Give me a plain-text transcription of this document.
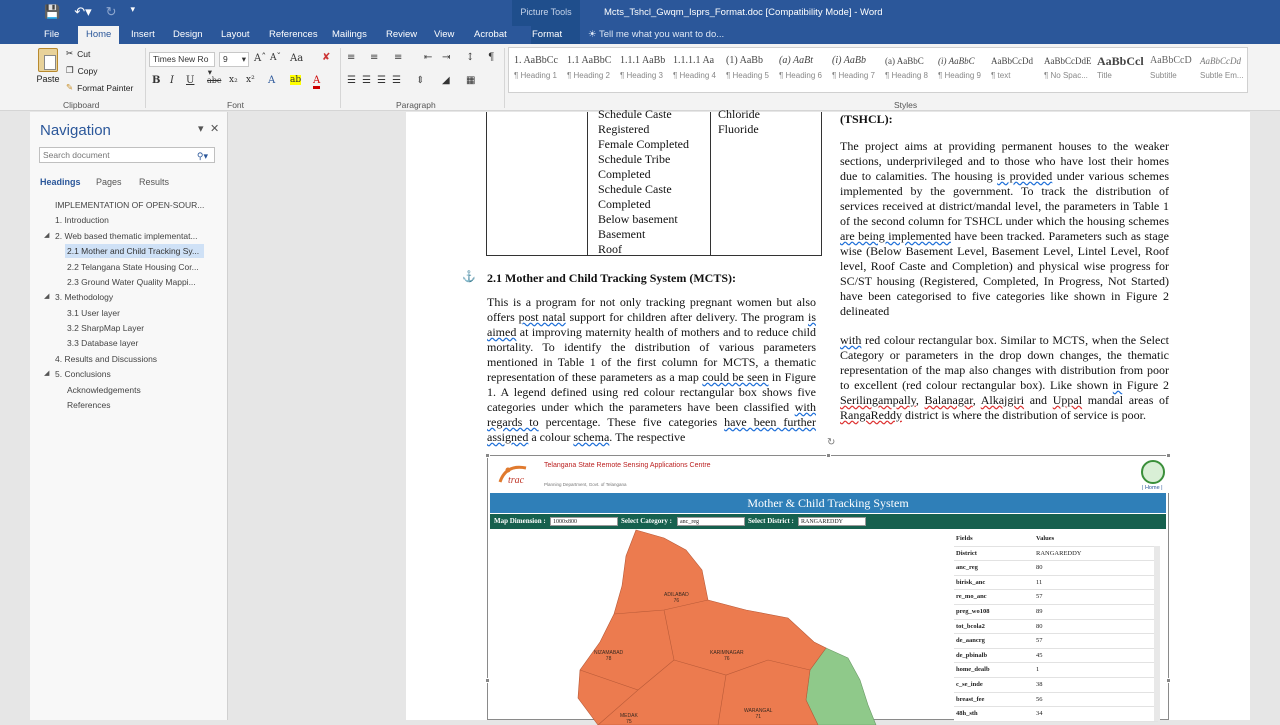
💾 ↶▾ ↻ ▾	Picture Tools	Mcts_Tshcl_Gwqm_Isprs_Format.doc [Compatibility Mode] - Word
File	Home	Insert Design Layout References Mailings Review View Acrobat	Format	☀ Tell me what you want to do...
Paste
✂ Cut
❐ Copy
✎ Format Painter
Clipboard
Times New Ro
▾
9 ▾ Aˆ Aˇ Aa ✘
B I U abc x₂ x² A ab A
Font
≡ ≡ ≡ ⇤ ⇥ ↕ ¶
☰ ☰ ☰ ☰ ⇕ ◢ ▦
Paragraph
1. AaBbCc
¶ Heading 1
1.1 AaBbC
¶ Heading 2
1.1.1 AaBb
¶ Heading 3
1.1.1.1 Aa
¶ Heading 4
(1) AaBb
¶ Heading 5
(a) AaBt
¶ Heading 6
(i) AaBb
¶ Heading 7
(a) AaBbC
¶ Heading 8
(i) AaBbC
¶ Heading 9
AaBbCcDd
¶ text
AaBbCcDdE
¶ No Spac...
AaBbCcl
Title
AaBbCcD
Subtitle
AaBbCcDd
Subtle Em...
Styles
Navigation	▾ ✕
Search document	⚲▾
Headings Pages Results
IMPLEMENTATION OF OPEN-SOUR...
1. Introduction
◢ 2. Web based thematic implementat...
2.1 Mother and Child Tracking Sy...
2.2 Telangana State Housing Cor...
2.3 Ground Water Quality Mappi...
◢ 3. Methodology
3.1 User layer
3.2 SharpMap Layer
3.3 Database layer
4. Results and Discussions
◢ 5. Conclusions
Acknowledgements
References
Schedule Caste
Registered
Female Completed
Schedule Tribe
Completed
Schedule Caste
Completed
Below basement
Basement
Roof
Chloride
Fluoride
⚓ 2.1 Mother and Child Tracking System (MCTS):
This is a program for not only tracking pregnant women but also offers post natal support for children after delivery. The program is aimed at improving maternity health of mothers and to reduce child mortality. To identify the distribution of various parameters mentioned in Table 1 of the first column for MCTS, a thematic representation of these parameters as a map could be seen in Figure 1. A legend defined using red colour rectangular box shows five categories under which the parameters have been classified with regards to percentage. These five categories have been further assigned a colour schema. The respective
(TSHCL):
The project aims at providing permanent houses to the weaker sections, underprivileged and to those who have lost their homes due to calamities. The housing is provided under various schemes implemented by the government. To track the distribution of services received at district/mandal level, the parameters in Table 1 of the second column for TSHCL under which the housing schemes are being implemented have been tracked. Parameters such as stage wise (Below Basement Level, Basement Level, Lintel Level, Roof level, Roof Caste and Completion) and physical wise progress for SC/ST housing (Registered, Completed, In Progress, Not Started) have been categorised to five categories like shown in Figure 2 delineated
with red colour rectangular box. Similar to MCTS, when the Select Category or parameters in the drop down changes, the thematic representation of the map also changes with distribution from poor to excellent (red colour rectangular box). Like shown in Figure 2 Serilingampally, Balanagar, Alkajgiri and Uppal mandal areas of RangaReddy district is where the distribution of service is poor.
trac
Telangana State Remote Sensing Applications Centre
Planning Department, Govt. of Telangana
| Home |
Mother & Child Tracking System
Map Dimension :	1000x800	Select Category :	anc_reg	Select District :	RANGAREDDY
ADILABAD
76
NIZAMABAD
78
KARIMNAGAR
76
WARANGAL
71
MEDAK
75
Fields	Values
District	RANGAREDDY
anc_reg	80
birisk_anc	11
re_mo_anc	57
preg_wo108	89
tot_bcola2	80
de_aancrg	57
de_pbinalb	45
home_dealb	1
c_se_inde	38
breast_fee	56
48h_sth	34
↻
